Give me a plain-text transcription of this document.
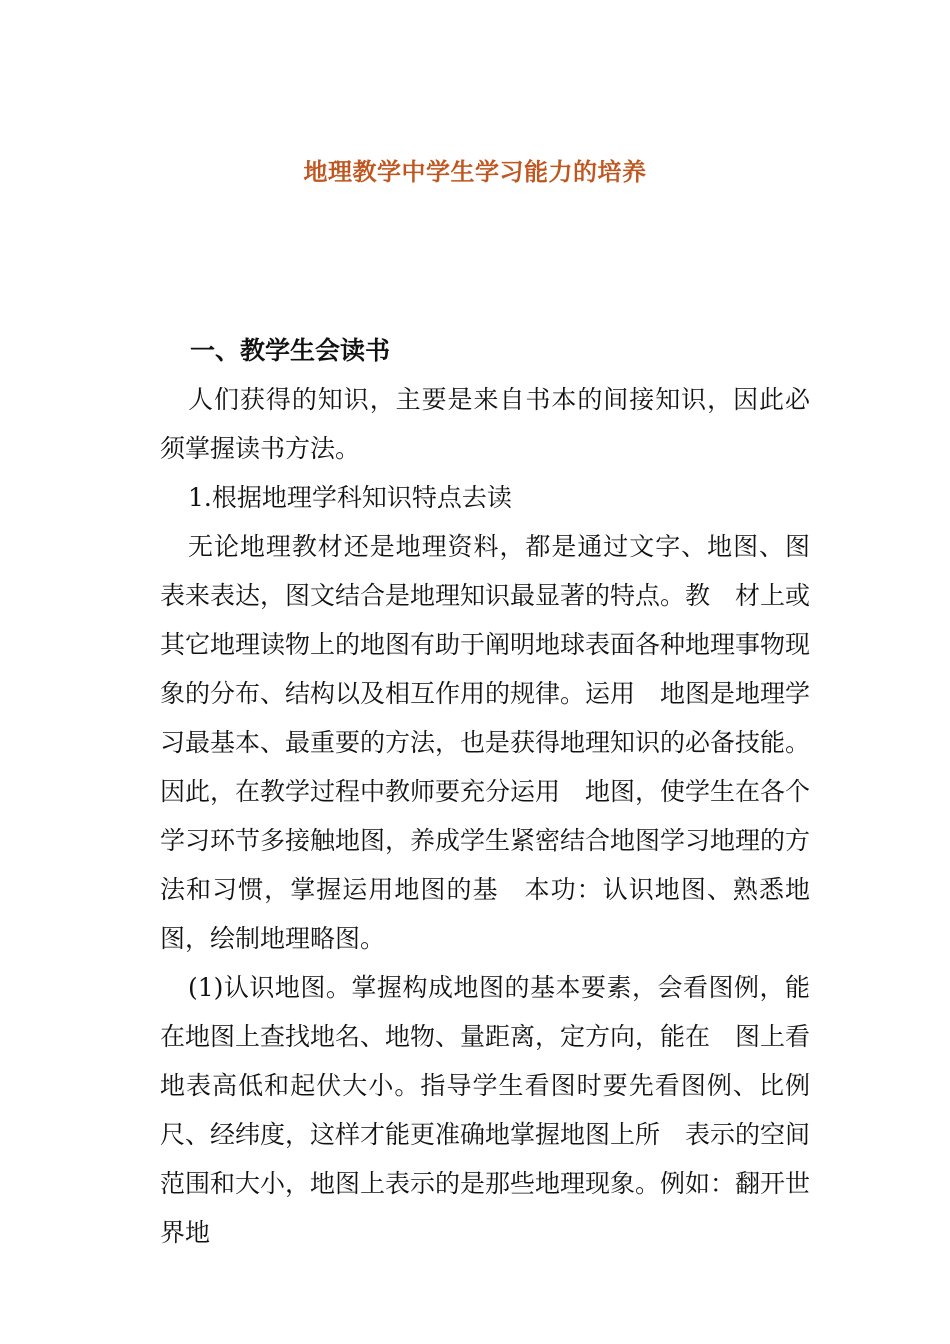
地理教学中学生学习能力的培养

一、教学生会读书

人们获得的知识，主要是来自书本的间接知识，因此必须掌握读书方法。

1.根据地理学科知识特点去读

无论地理教材还是地理资料，都是通过文字、地图、图表来表达，图文结合是地理知识最显著的特点。教　材上或其它地理读物上的地图有助于阐明地球表面各种地理事物现象的分布、结构以及相互作用的规律。运用　地图是地理学习最基本、最重要的方法，也是获得地理知识的必备技能。因此，在教学过程中教师要充分运用　地图，使学生在各个学习环节多接触地图，养成学生紧密结合地图学习地理的方法和习惯，掌握运用地图的基　本功：认识地图、熟悉地图，绘制地理略图。

(1)认识地图。掌握构成地图的基本要素，会看图例，能在地图上查找地名、地物、量距离，定方向，能在　图上看地表高低和起伏大小。指导学生看图时要先看图例、比例尺、经纬度，这样才能更准确地掌握地图上所　表示的空间范围和大小，地图上表示的是那些地理现象。例如：翻开世界地
